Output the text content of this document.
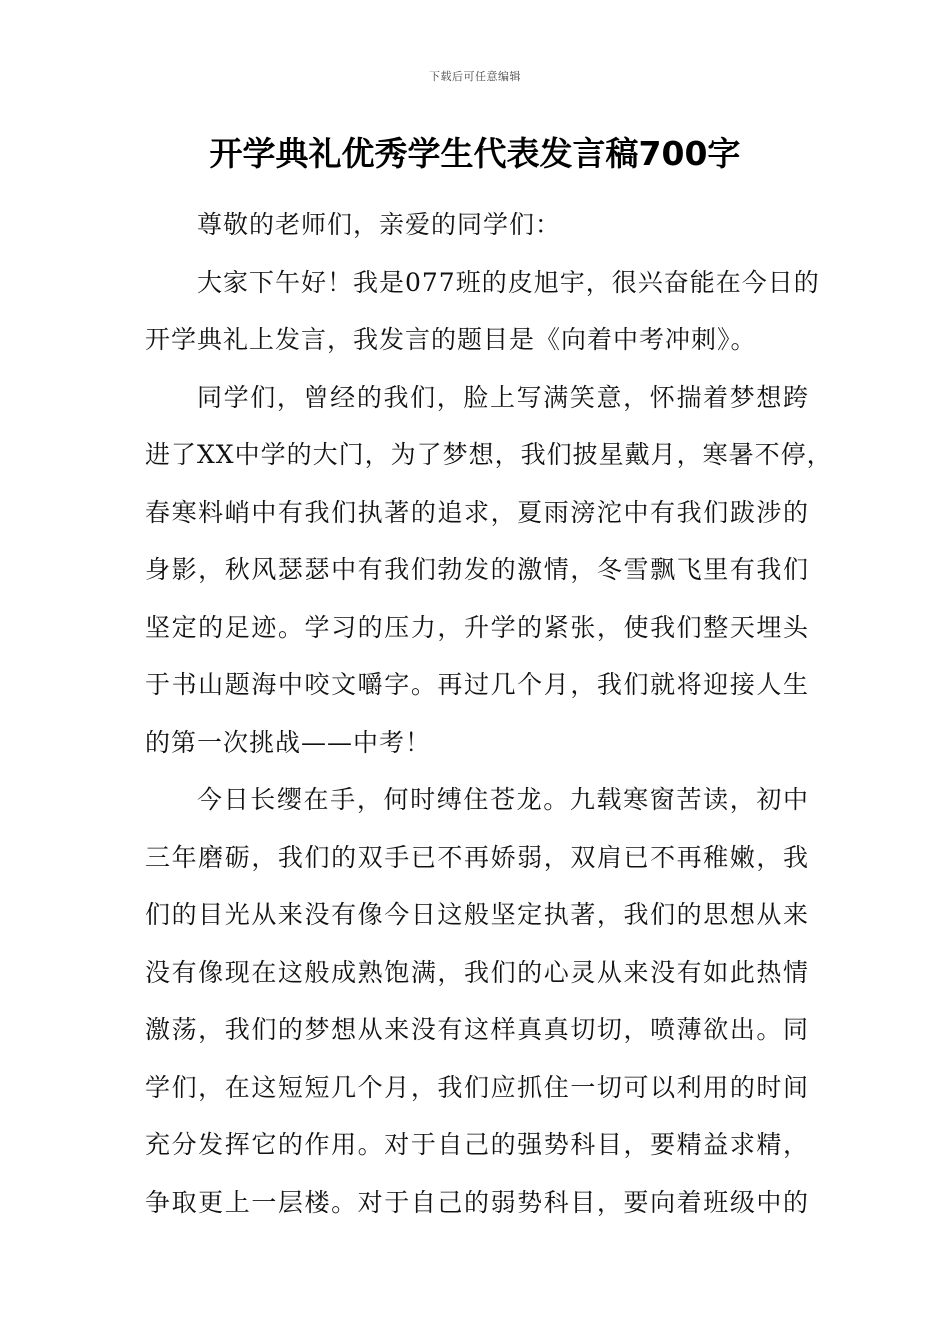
下载后可任意编辑
开学典礼优秀学生代表发言稿700字
尊敬的老师们，亲爱的同学们：
大家下午好！我是077班的皮旭宇，很兴奋能在今日的
开学典礼上发言，我发言的题目是《向着中考冲刺》。
同学们，曾经的我们，脸上写满笑意，怀揣着梦想跨
进了XX中学的大门，为了梦想，我们披星戴月，寒暑不停，
春寒料峭中有我们执著的追求，夏雨滂沱中有我们跋涉的
身影，秋风瑟瑟中有我们勃发的激情，冬雪飘飞里有我们
坚定的足迹。学习的压力，升学的紧张，使我们整天埋头
于书山题海中咬文嚼字。再过几个月，我们就将迎接人生
的第一次挑战——中考！
今日长缨在手，何时缚住苍龙。九载寒窗苦读，初中
三年磨砺，我们的双手已不再娇弱，双肩已不再稚嫩，我
们的目光从来没有像今日这般坚定执著，我们的思想从来
没有像现在这般成熟饱满，我们的心灵从来没有如此热情
激荡，我们的梦想从来没有这样真真切切，喷薄欲出。同
学们，在这短短几个月，我们应抓住一切可以利用的时间
充分发挥它的作用。对于自己的强势科目，要精益求精，
争取更上一层楼。对于自己的弱势科目，要向着班级中的
